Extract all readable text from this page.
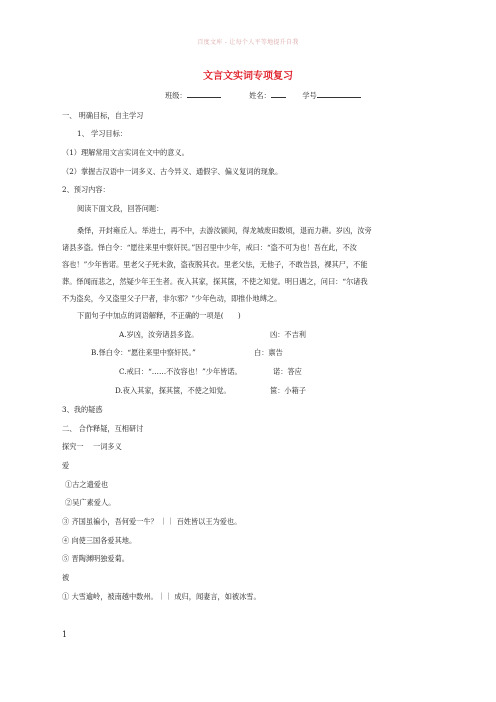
百度文库 - 让每个人平等地提升自我
文言文实词专项复习
班级：	姓名：	学号
一、 明确目标，自主学习
1、 学习目标：
（1）理解常用文言实词在文中的意义。
（2）掌握古汉语中一词多义、古今异义、通假字、偏义复词的现象。
2、预习内容：
阅读下面文段，回答问题：
桑怿，开封雍丘人。举进士，再不中，去游汝颍间，得龙城废田数顷，退而力耕。岁凶，汝旁
诸县多盗。怿白令：“愿往来里中察奸民。”因召里中少年，戒曰：“盗不可为也！吾在此，不汝
容也！”少年皆诺。里老父子死未敛，盗夜脱其衣。里老父怯，无他子，不敢告县，裸其尸，不能
葬。怿闻而悲之，然疑少年王生者。夜入其家，探其箧，不使之知觉。明日遇之，问曰：“尔诸我
不为盗矣，今又盗里父子尸者，非尔邪？”少年色动，即推仆地缚之。
下面句子中加点的词语解释，不正确的一项是(　　)
A.岁凶，汝旁诸县多盗。	凶：不吉利
B.怿白令：“愿往来里中察奸民。”	白：禀告
C.戒曰：“……不汝容也！”少年皆诺。	诺：答应
D.夜入其家，探其箧，不使之知觉。	箧：小箱子
3、我的疑惑
二、 合作释疑，互相研讨
探究一　 一词多义
爱
①古之遗爱也
②吴广素爱人。
③ 齐国虽褊小，吾何爱一牛？ ｜｜ 百姓皆以王为爱也。
④ 向使三国各爱其地。
⑤ 晋陶渊明独爱菊。
被
① 大雪逾岭，被南越中数州。｜｜ 成归，闻妻言，如被冰雪。
1
